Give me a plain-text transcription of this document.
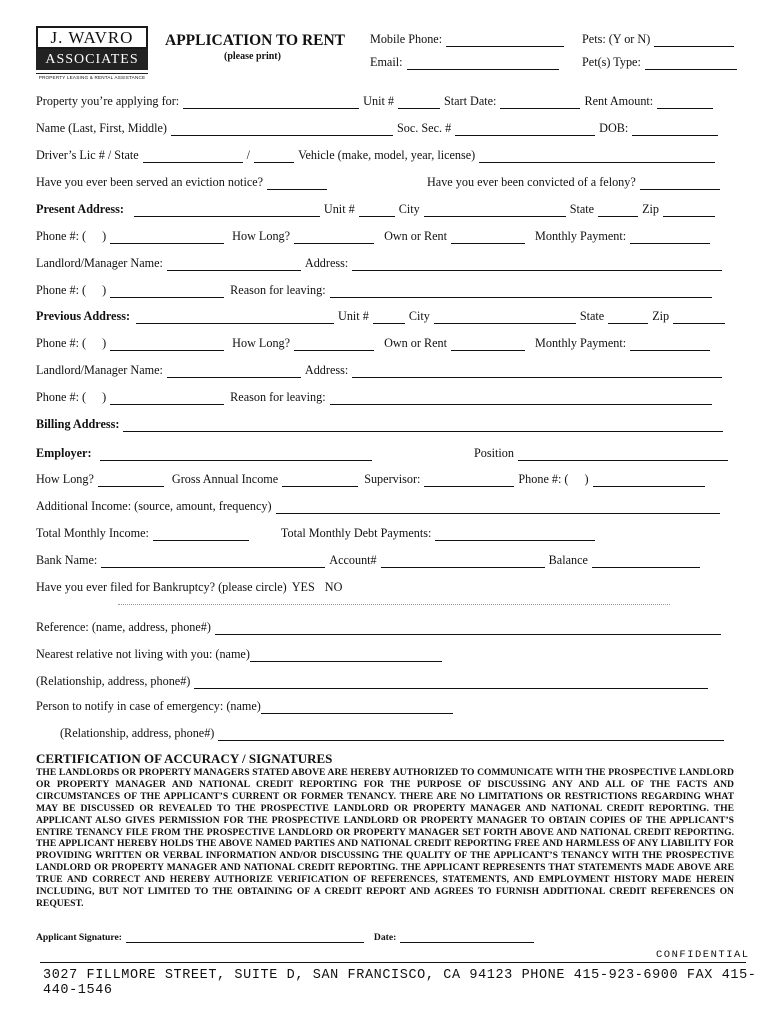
J. WAVRO
ASSOCIATES
PROPERTY LEASING & RENTAL ASSISTANCE
APPLICATION TO RENT
(please print)
Mobile Phone:
Email:
Pets: (Y or N)
Pet(s) Type:
Property you’re applying for:	Unit #	Start Date:	Rent Amount:
Name (Last, First, Middle)	Soc. Sec. #	DOB:
Driver’s Lic # / State	/	Vehicle (make, model, year, license)
Have you ever been served an eviction notice?	Have you ever been convicted of a felony?
Present Address:	Unit #	City	State	Zip
Phone #: ( )	How Long?	Own or Rent	Monthly Payment:
Landlord/Manager Name:	Address:
Phone #: ( )	Reason for leaving:
Previous Address:	Unit #	City	State	Zip
Phone #: ( )	How Long?	Own or Rent	Monthly Payment:
Landlord/Manager Name:	Address:
Phone #: ( )	Reason for leaving:
Billing Address:
Employer:	Position
How Long?	Gross Annual Income	Supervisor:	Phone #: ( )
Additional Income: (source, amount, frequency)
Total Monthly Income:	Total Monthly Debt Payments:
Bank Name:	Account#	Balance
Have you ever filed for Bankruptcy? (please circle) YES NO
Reference: (name, address, phone#)
Nearest relative not living with you: (name)
(Relationship, address, phone#)
Person to notify in case of emergency: (name)
(Relationship, address, phone#)
CERTIFICATION OF ACCURACY / SIGNATURES
THE LANDLORDS OR PROPERTY MANAGERS STATED ABOVE ARE HEREBY AUTHORIZED TO COMMUNICATE WITH THE PROSPECTIVE LANDLORD OR PROPERTY MANAGER AND NATIONAL CREDIT REPORTING FOR THE PURPOSE OF DISCUSSING ANY AND ALL OF THE FACTS AND CIRCUMSTANCES OF THE APPLICANT’S CURRENT OR FORMER TENANCY. THERE ARE NO LIMITATIONS OR RESTRICTIONS REGARDING WHAT MAY BE DISCUSSED OR REVEALED TO THE PROSPECTIVE LANDLORD OR PROPERTY MANAGER AND NATIONAL CREDIT REPORTING. THE APPLICANT ALSO GIVES PERMISSION FOR THE PROSPECTIVE LANDLORD OR PROPERTY MANAGER TO OBTAIN COPIES OF THE APPLICANT’S ENTIRE TENANCY FILE FROM THE PROSPECTIVE LANDLORD OR PROPERTY MANAGER SET FORTH ABOVE AND NATIONAL CREDIT REPORTING. THE APPLICANT HEREBY HOLDS THE ABOVE NAMED PARTIES AND NATIONAL CREDIT REPORTING FREE AND HARMLESS OF ANY LIABILITY FOR PROVIDING WRITTEN OR VERBAL INFORMATION AND/OR DISCUSSING THE QUALITY OF THE APPLICANT’S TENANCY WITH THE PROSPECTIVE LANDLORD OR PROPERTY MANAGER AND NATIONAL CREDIT REPORTING. THE APPLICANT REPRESENTS THAT STATEMENTS MADE ABOVE ARE TRUE AND CORRECT AND HEREBY AUTHORIZE VERIFICATION OF REFERENCES, STATEMENTS, AND EMPLOYMENT HISTORY MADE HEREIN INCLUDING, BUT NOT LIMITED TO THE OBTAINING OF A CREDIT REPORT AND AGREES TO FURNISH ADDITIONAL CREDIT REFERENCES ON REQUEST.
Applicant Signature:	Date:
CONFIDENTIAL
3027 FILLMORE STREET, SUITE D, SAN FRANCISCO, CA 94123 PHONE 415-923-6900 FAX 415-440-1546
